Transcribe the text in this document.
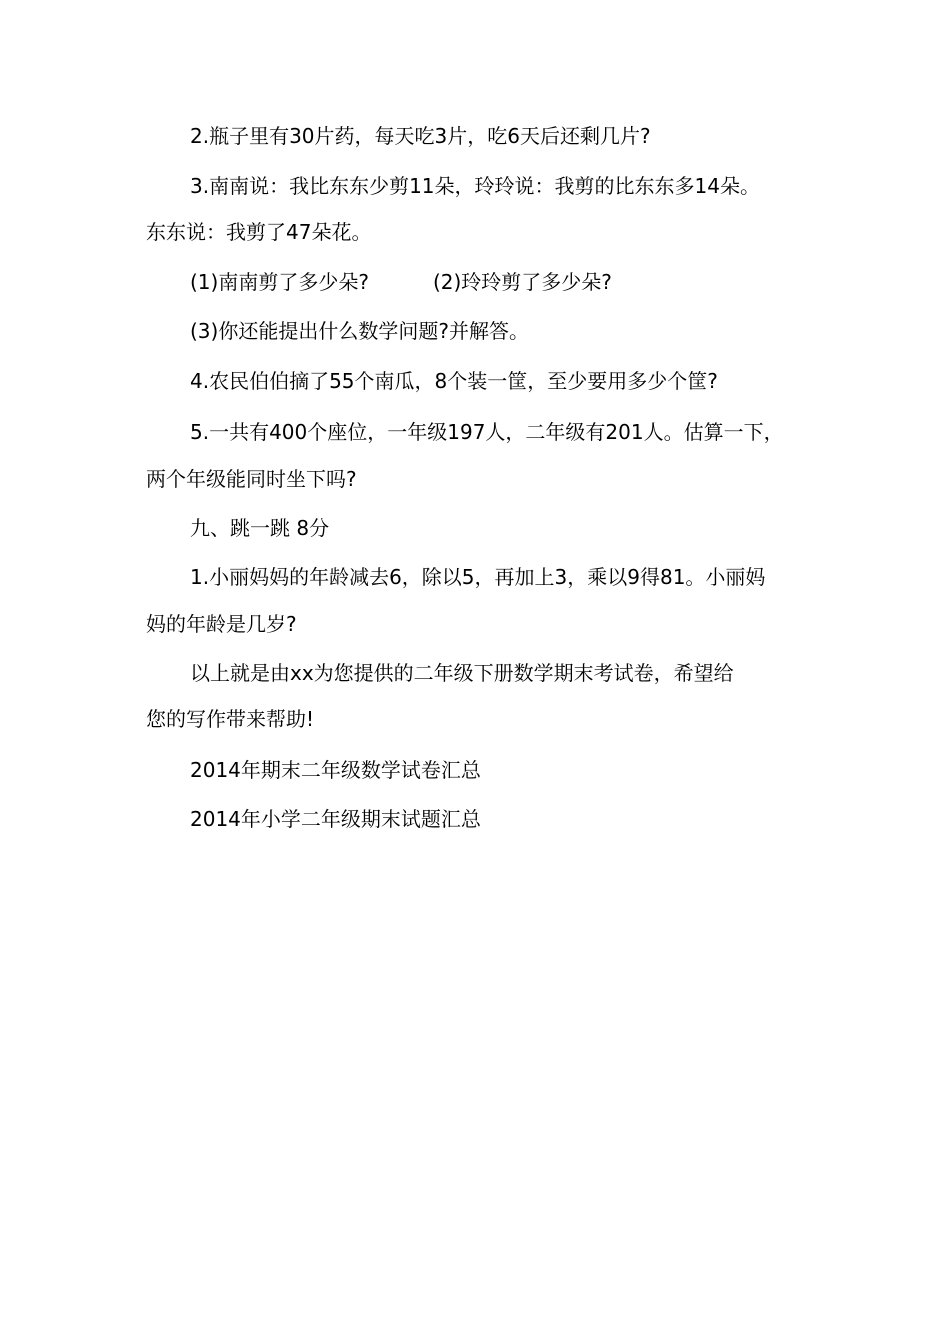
2.瓶子里有30片药，每天吃3片，吃6天后还剩几片?
3.南南说：我比东东少剪11朵，玲玲说：我剪的比东东多14朵。
东东说：我剪了47朵花。
(1)南南剪了多少朵?	(2)玲玲剪了多少朵?
(3)你还能提出什么数学问题?并解答。
4.农民伯伯摘了55个南瓜，8个装一筐，至少要用多少个筐?
5.一共有400个座位，一年级197人，二年级有201人。估算一下，
两个年级能同时坐下吗?
九、跳一跳 8分
1.小丽妈妈的年龄减去6，除以5，再加上3，乘以9得81。小丽妈
妈的年龄是几岁?
以上就是由xx为您提供的二年级下册数学期末考试卷，希望给
您的写作带来帮助!
2014年期末二年级数学试卷汇总
2014年小学二年级期末试题汇总
